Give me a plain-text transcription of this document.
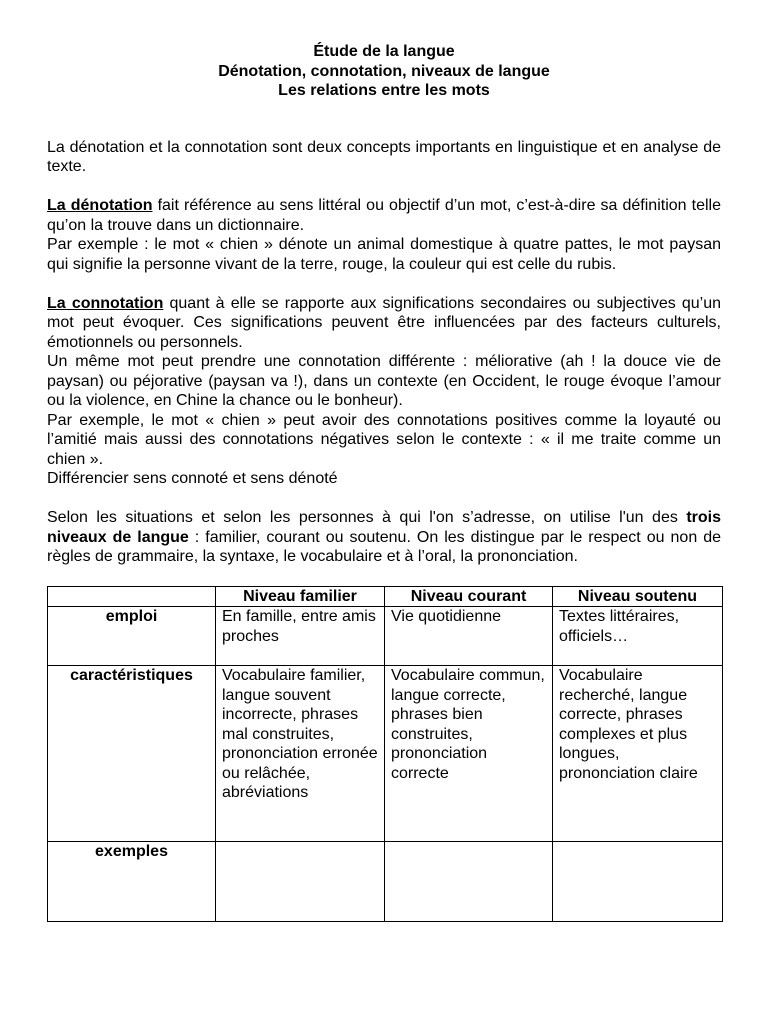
Étude de la langue
Dénotation, connotation, niveaux de langue
Les relations entre les mots

La dénotation et la connotation sont deux concepts importants en linguistique et en analyse de texte.

La dénotation fait référence au sens littéral ou objectif d’un mot, c’est-à-dire sa définition telle qu’on la trouve dans un dictionnaire.

Par exemple : le mot « chien » dénote un animal domestique à quatre pattes, le mot paysan qui signifie la personne vivant de la terre, rouge, la couleur qui est celle du rubis.

La connotation quant à elle se rapporte aux significations secondaires ou subjectives qu’un mot peut évoquer. Ces significations peuvent être influencées par des facteurs culturels, émotionnels ou personnels.

Un même mot peut prendre une connotation différente : méliorative (ah ! la douce vie de paysan) ou péjorative (paysan va !), dans un contexte (en Occident, le rouge évoque l’amour ou la violence, en Chine la chance ou le bonheur).

Par exemple, le mot « chien » peut avoir des connotations positives comme la loyauté ou l’amitié mais aussi des connotations négatives selon le contexte : « il me traite comme un chien ».

Différencier sens connoté et sens dénoté

Selon les situations et selon les personnes à qui l'on s’adresse, on utilise l'un des trois niveaux de langue : familier, courant ou soutenu. On les distingue par le respect ou non de règles de grammaire, la syntaxe, le vocabulaire et à l’oral, la prononciation.

	Niveau familier	Niveau courant	Niveau soutenu
emploi	En famille, entre amis proches	Vie quotidienne	Textes littéraires, officiels…
caractéristiques	Vocabulaire familier, langue souvent incorrecte, phrases mal construites, prononciation erronée ou relâchée, abréviations	Vocabulaire commun, langue correcte, phrases bien construites, prononciation correcte	Vocabulaire recherché, langue correcte, phrases complexes et plus longues, prononciation claire
exemples			
